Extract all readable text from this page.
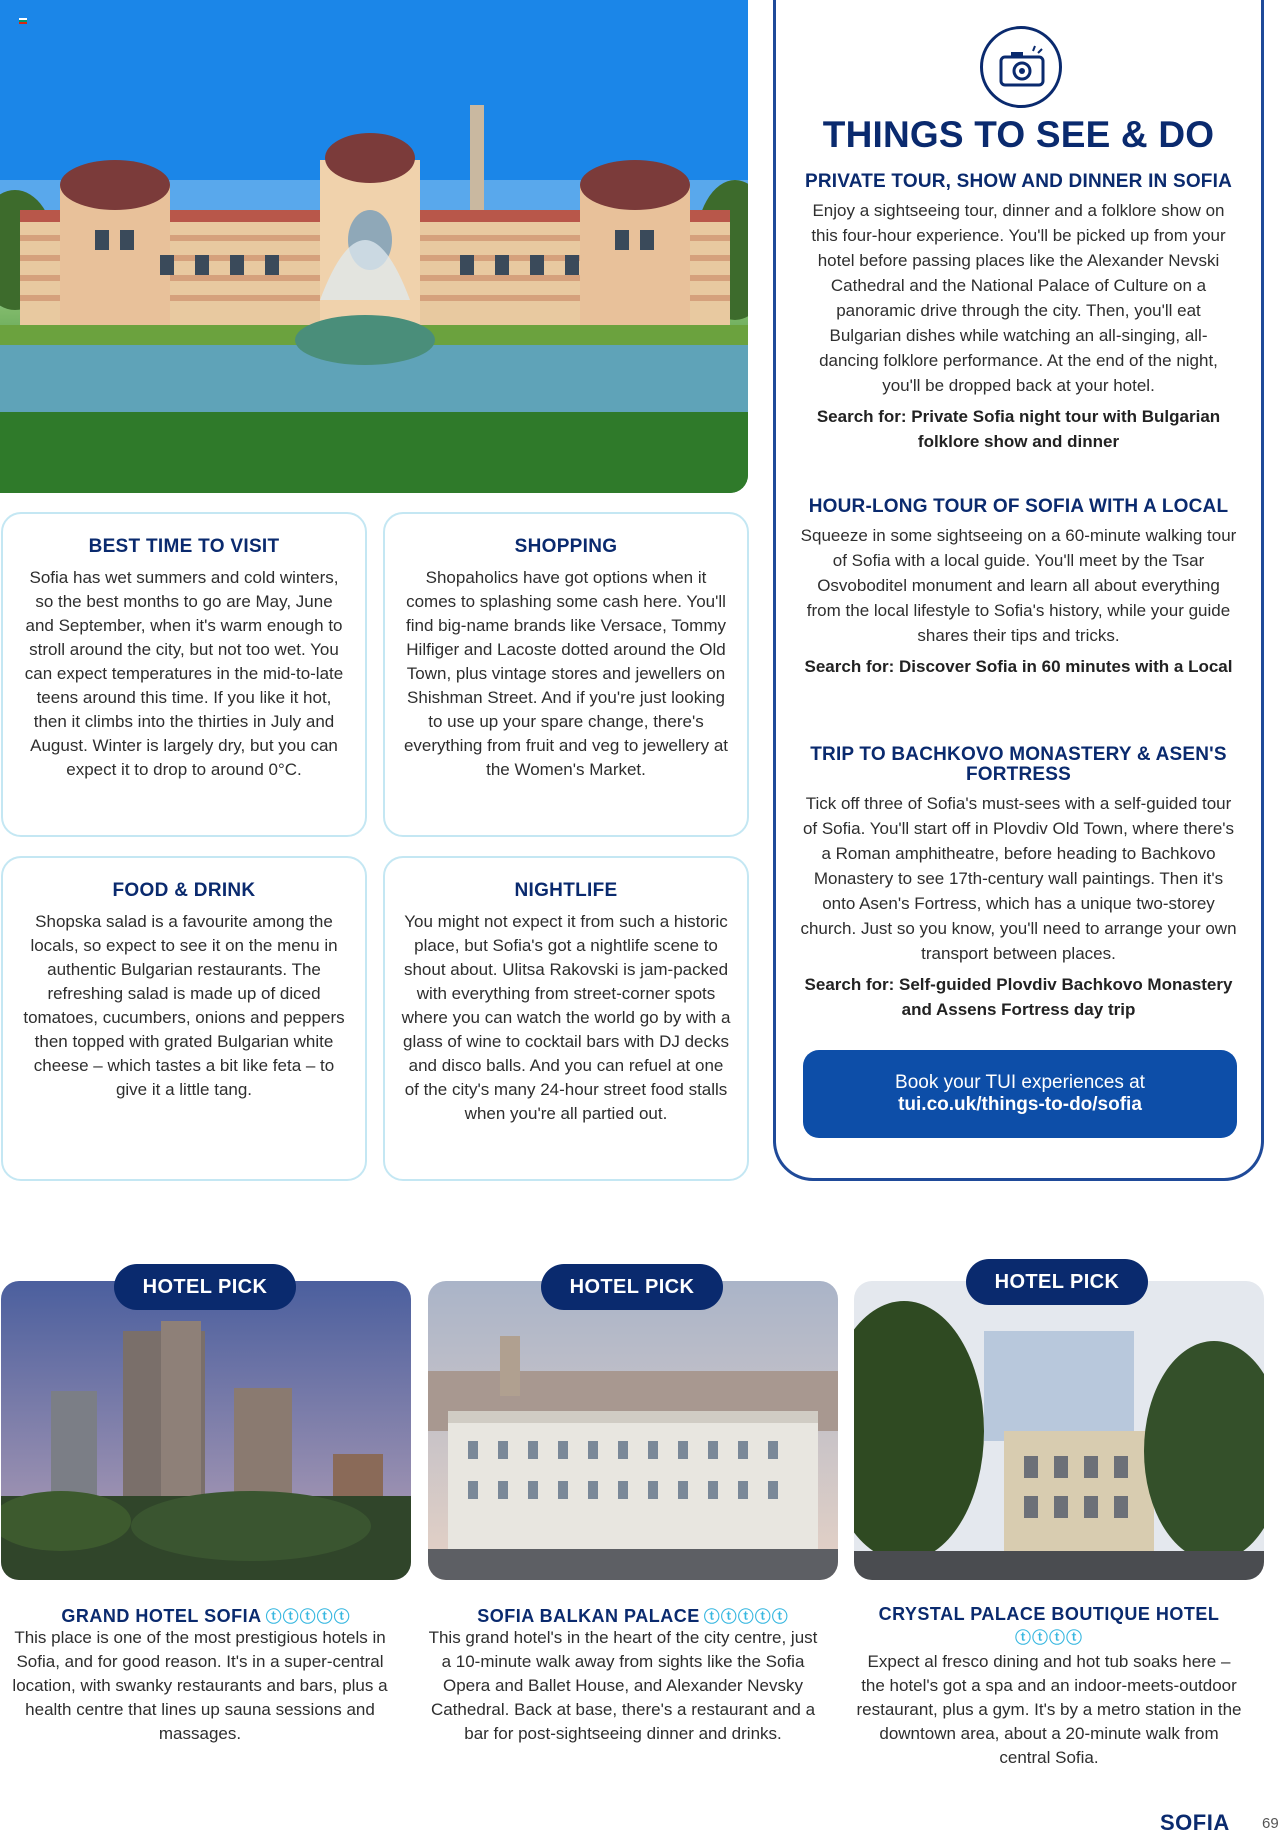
BEST TIME TO VISIT

Sofia has wet summers and cold winters, so the best months to go are May, June and September, when it's warm enough to stroll around the city, but not too wet. You can expect temperatures in the mid-to-late teens around this time. If you like it hot, then it climbs into the thirties in July and August. Winter is largely dry, but you can expect it to drop to around 0°C.

SHOPPING

Shopaholics have got options when it comes to splashing some cash here. You'll find big-name brands like Versace, Tommy Hilfiger and Lacoste dotted around the Old Town, plus vintage stores and jewellers on Shishman Street. And if you're just looking to use up your spare change, there's everything from fruit and veg to jewellery at the Women's Market.

FOOD & DRINK

Shopska salad is a favourite among the locals, so expect to see it on the menu in authentic Bulgarian restaurants. The refreshing salad is made up of diced tomatoes, cucumbers, onions and peppers then topped with grated Bulgarian white cheese – which tastes a bit like feta – to give it a little tang.

NIGHTLIFE

You might not expect it from such a historic place, but Sofia's got a nightlife scene to shout about. Ulitsa Rakovski is jam-packed with everything from street-corner spots where you can watch the world go by with a glass of wine to cocktail bars with DJ decks and disco balls. And you can refuel at one of the city's many 24-hour street food stalls when you're all partied out.

THINGS TO SEE & DO
PRIVATE TOUR, SHOW AND DINNER IN SOFIA
Enjoy a sightseeing tour, dinner and a folklore show on this four-hour experience. You'll be picked up from your hotel before passing places like the Alexander Nevski Cathedral and the National Palace of Culture on a panoramic drive through the city. Then, you'll eat Bulgarian dishes while watching an all-singing, all-dancing folklore performance. At the end of the night, you'll be dropped back at your hotel.
Search for: Private Sofia night tour with Bulgarian folklore show and dinner
HOUR-LONG TOUR OF SOFIA WITH A LOCAL
Squeeze in some sightseeing on a 60-minute walking tour of Sofia with a local guide. You'll meet by the Tsar Osvoboditel monument and learn all about everything from the local lifestyle to Sofia's history, while your guide shares their tips and tricks.
Search for: Discover Sofia in 60 minutes with a Local
TRIP TO BACHKOVO MONASTERY & ASEN'S FORTRESS
Tick off three of Sofia's must-sees with a self-guided tour of Sofia. You'll start off in Plovdiv Old Town, where there's a Roman amphitheatre, before heading to Bachkovo Monastery to see 17th-century wall paintings. Then it's onto Asen's Fortress, which has a unique two-storey church. Just so you know, you'll need to arrange your own transport between places.
Search for: Self-guided Plovdiv Bachkovo Monastery and Assens Fortress day trip
Book your TUI experiences at
tui.co.uk/things-to-do/sofia
HOTEL PICK	HOTEL PICK	HOTEL PICK
GRAND HOTEL SOFIA ⓣⓣⓣⓣⓣ
This place is one of the most prestigious hotels in Sofia, and for good reason. It's in a super-central location, with swanky restaurants and bars, plus a health centre that lines up sauna sessions and massages.
SOFIA BALKAN PALACE ⓣⓣⓣⓣⓣ
This grand hotel's in the heart of the city centre, just a 10-minute walk away from sights like the Sofia Opera and Ballet House, and Alexander Nevsky Cathedral. Back at base, there's a restaurant and a bar for post-sightseeing dinner and drinks.
CRYSTAL PALACE BOUTIQUE HOTEL
ⓣⓣⓣⓣ
Expect al fresco dining and hot tub soaks here – the hotel's got a spa and an indoor-meets-outdoor restaurant, plus a gym. It's by a metro station in the downtown area, about a 20-minute walk from central Sofia.
SOFIA 69
